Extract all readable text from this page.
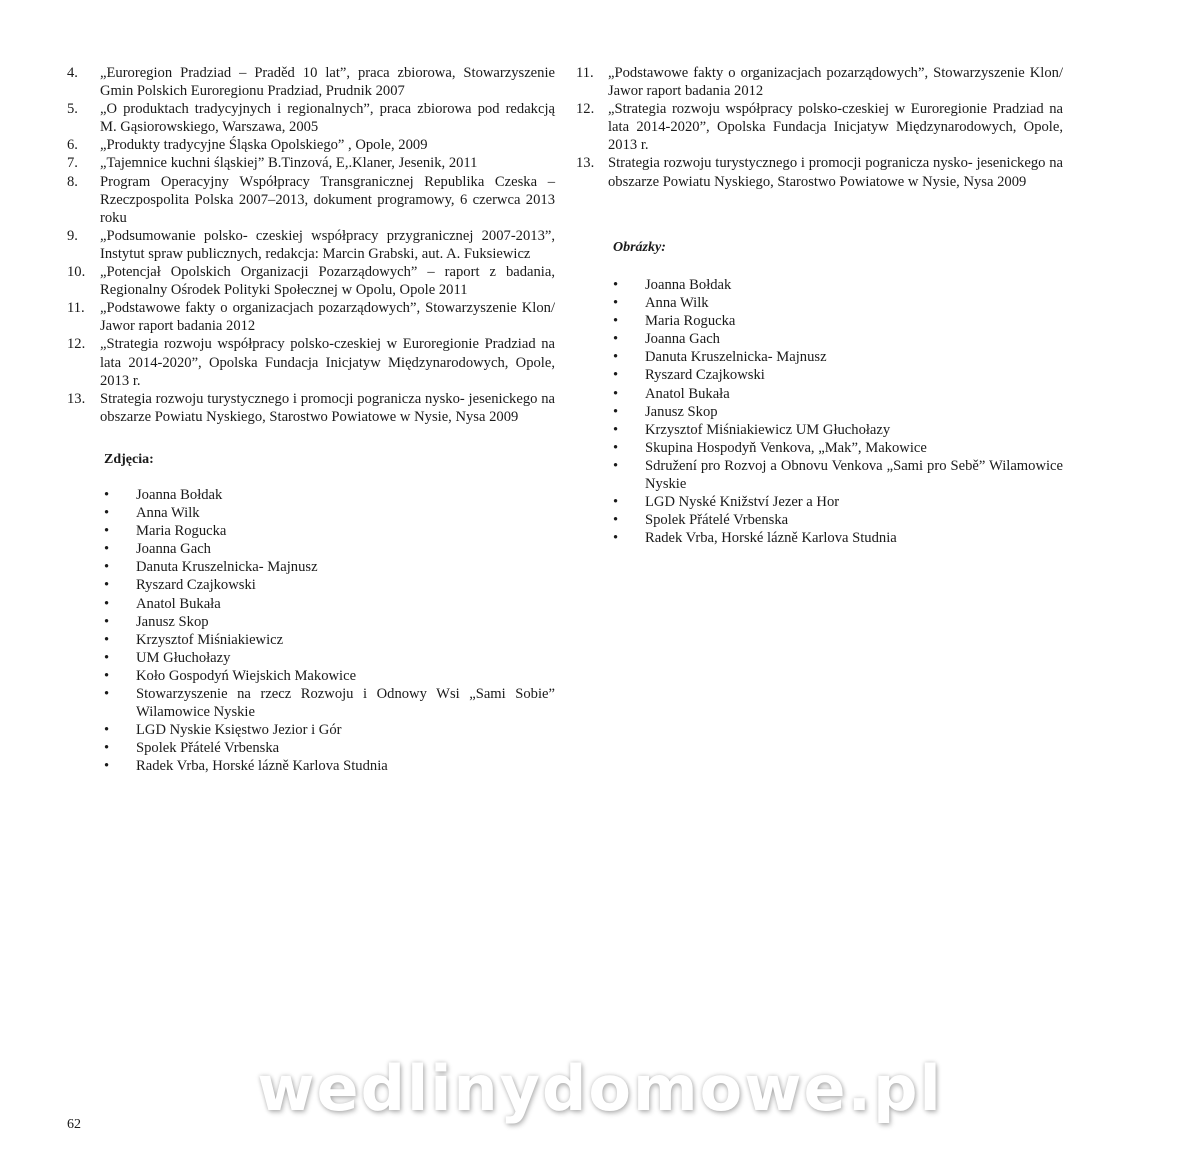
4.	„Euroregion Pradziad – Praděd 10 lat”, praca zbiorowa, Stowarzyszenie Gmin Polskich Euroregionu Pradziad, Prudnik 2007
5.	„O produktach tradycyjnych i regionalnych”, praca zbiorowa pod redakcją M. Gąsiorowskiego, Warszawa, 2005
6.	„Produkty tradycyjne Śląska Opolskiego” , Opole, 2009
7.	„Tajemnice kuchni śląskiej” B.Tinzová, E,.Klaner, Jesenik, 2011
8.	Program Operacyjny Współpracy Transgranicznej Republika Czeska – Rzeczpospolita Polska 2007–2013, dokument programowy, 6 czerwca 2013 roku
9.	„Podsumowanie polsko- czeskiej współpracy przygranicznej 2007-2013”, Instytut spraw publicznych, redakcja: Marcin Grabski, aut. A. Fuksiewicz
10.	„Potencjał Opolskich Organizacji Pozarządowych” – raport z badania, Regionalny Ośrodek Polityki Społecznej w Opolu, Opole 2011
11.	„Podstawowe fakty o organizacjach pozarządowych”, Stowarzyszenie Klon/ Jawor raport badania 2012
12.	„Strategia rozwoju współpracy polsko-czeskiej w Euroregionie Pradziad na lata 2014-2020”, Opolska Fundacja Inicjatyw Międzynarodowych, Opole, 2013 r.
13.	Strategia rozwoju turystycznego i promocji pogranicza nysko- jesenickego na obszarze Powiatu Nyskiego, Starostwo Powiatowe w Nysie, Nysa 2009
11. „Podstawowe fakty o organizacjach pozarządowych”, Stowarzyszenie Klon/ Jawor raport badania 2012
12. „Strategia rozwoju współpracy polsko-czeskiej w Euroregionie Pradziad na lata 2014-2020”, Opolska Fundacja Inicjatyw Międzynarodowych, Opole, 2013 r.
13. Strategia rozwoju turystycznego i promocji pogranicza nysko- jesenickego na obszarze Powiatu Nyskiego, Starostwo Powiatowe w Nysie, Nysa 2009
Zdjęcia:
•	Joanna Bołdak
•	Anna Wilk
•	Maria Rogucka
•	Joanna Gach
•	Danuta Kruszelnicka- Majnusz
•	Ryszard Czajkowski
•	Anatol Bukała
•	Janusz Skop
•	Krzysztof Miśniakiewicz
•	UM Głuchołazy
•	Koło Gospodyń Wiejskich Makowice
•	Stowarzyszenie na rzecz Rozwoju i Odnowy Wsi „Sami Sobie” Wilamowice Nyskie
•	LGD Nyskie Księstwo Jezior i Gór
•	Spolek Přátelé Vrbenska
•	Radek Vrba, Horské lázně Karlova Studnia
Obrázky:
•	Joanna Bołdak
•	Anna Wilk
•	Maria Rogucka
•	Joanna Gach
•	Danuta Kruszelnicka- Majnusz
•	Ryszard Czajkowski
•	Anatol Bukała
•	Janusz Skop
•	Krzysztof Miśniakiewicz UM Głuchołazy
•	Skupina Hospodyň Venkova, „Mak”, Makowice
•	Sdružení pro Rozvoj a Obnovu Venkova „Sami pro Sebě” Wilamowice Nyskie
•	LGD Nyské Knižství Jezer a Hor
•	Spolek Přátelé Vrbenska
•	Radek Vrba, Horské lázně Karlova Studnia
wedlinydomowe.pl
62
